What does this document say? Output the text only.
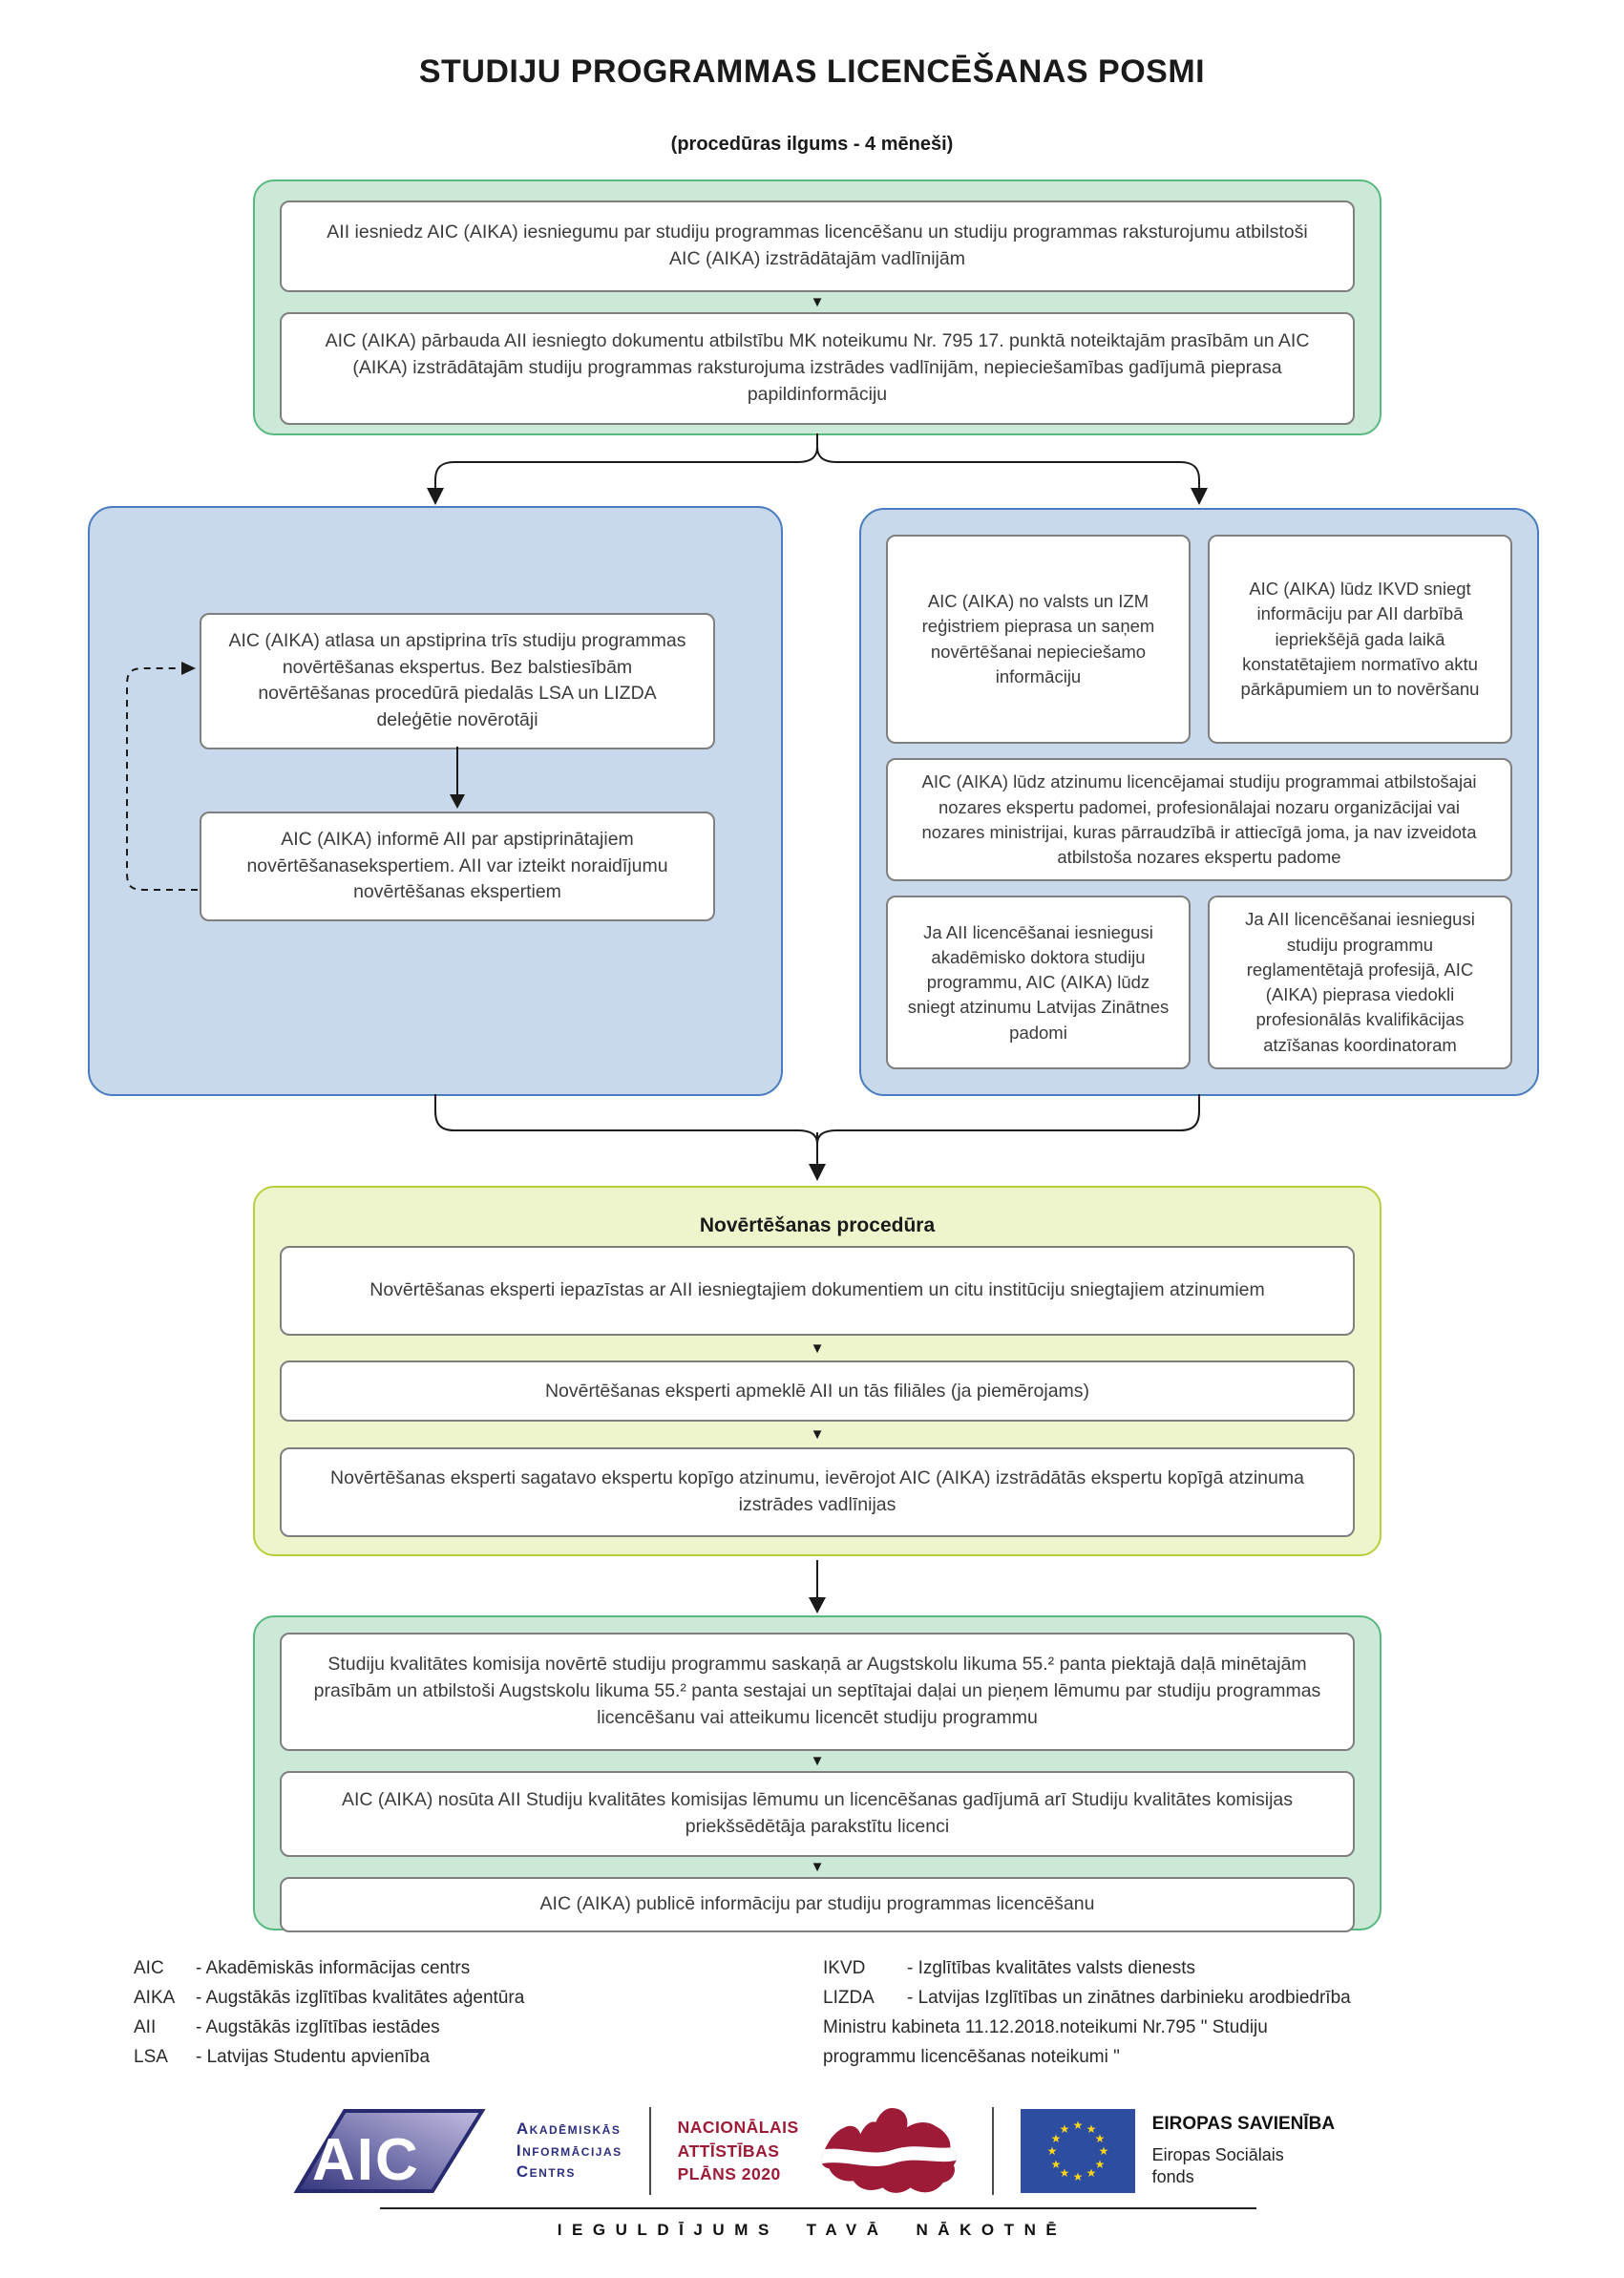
STUDIJU PROGRAMMAS LICENCĒŠANAS POSMI
(procedūras ilgums - 4 mēneši)
AII iesniedz AIC (AIKA) iesniegumu par studiju programmas licencēšanu un studiju programmas raksturojumu atbilstoši AIC (AIKA) izstrādātajām vadlīnijām
▼
AIC (AIKA) pārbauda AII iesniegto dokumentu atbilstību MK noteikumu Nr. 795 17. punktā noteiktajām prasībām un AIC (AIKA) izstrādātajām studiju programmas raksturojuma izstrādes vadlīnijām, nepieciešamības gadījumā pieprasa papildinformāciju
AIC (AIKA) atlasa un apstiprina trīs studiju programmas novērtēšanas ekspertus. Bez balstiesībām novērtēšanas procedūrā piedalās LSA un LIZDA deleģētie novērotāji
AIC (AIKA) informē AII par apstiprinātajiem novērtēšanasekspertiem. AII var izteikt noraidījumu novērtēšanas ekspertiem
AIC (AIKA) no valsts un IZM reģistriem pieprasa un saņem novērtēšanai nepieciešamo informāciju
AIC (AIKA) lūdz IKVD sniegt informāciju par AII darbībā iepriekšējā gada laikā konstatētajiem normatīvo aktu pārkāpumiem un to novēršanu
AIC (AIKA) lūdz atzinumu licencējamai studiju programmai atbilstošajai nozares ekspertu padomei, profesionālajai nozaru organizācijai vai nozares ministrijai, kuras pārraudzībā ir attiecīgā joma, ja nav izveidota atbilstoša nozares ekspertu padome
Ja AII licencēšanai iesniegusi akadēmisko doktora studiju programmu, AIC (AIKA) lūdz sniegt atzinumu Latvijas Zinātnes padomi
Ja AII licencēšanai iesniegusi studiju programmu reglamentētajā profesijā, AIC (AIKA) pieprasa viedokli profesionālās kvalifikācijas atzīšanas koordinatoram
Novērtēšanas procedūra
Novērtēšanas eksperti iepazīstas ar AII iesniegtajiem dokumentiem un citu institūciju sniegtajiem atzinumiem
▼
Novērtēšanas eksperti apmeklē AII un tās filiāles (ja piemērojams)
▼
Novērtēšanas eksperti sagatavo ekspertu kopīgo atzinumu, ievērojot AIC (AIKA) izstrādātās ekspertu kopīgā atzinuma izstrādes vadlīnijas
Studiju kvalitātes komisija novērtē studiju programmu saskaņā ar Augstskolu likuma 55.² panta piektajā daļā minētajām prasībām un atbilstoši Augstskolu likuma 55.² panta sestajai un septītajai daļai un pieņem lēmumu par studiju programmas licencēšanu vai atteikumu licencēt studiju programmu
▼
AIC (AIKA) nosūta AII Studiju kvalitātes komisijas lēmumu un licencēšanas gadījumā arī Studiju kvalitātes komisijas priekšsēdētāja parakstītu licenci
▼
AIC (AIKA) publicē informāciju par studiju programmas licencēšanu
AIC	- Akadēmiskās informācijas centrs
AIKA	- Augstākās izglītības kvalitātes aģentūra
AII	- Augstākās izglītības iestādes
LSA	- Latvijas Studentu apvienība
IKVD	- Izglītības kvalitātes valsts dienests
LIZDA	- Latvijas Izglītības un zinātnes darbinieku arodbiedrība
Ministru kabineta 11.12.2018.noteikumi Nr.795 " Studiju
programmu licencēšanas noteikumi "
AIC	Akadēmiskās
Informācijas
Centrs
NACIONĀLAIS
ATTĪSTĪBAS
PLĀNS 2020
★ ★
★
★
★
★
★
★
★
★
★
★	EIROPAS SAVIENĪBA
Eiropas Sociālais fonds
IEGULDĪJUMS TAVĀ NĀKOTNĒ
